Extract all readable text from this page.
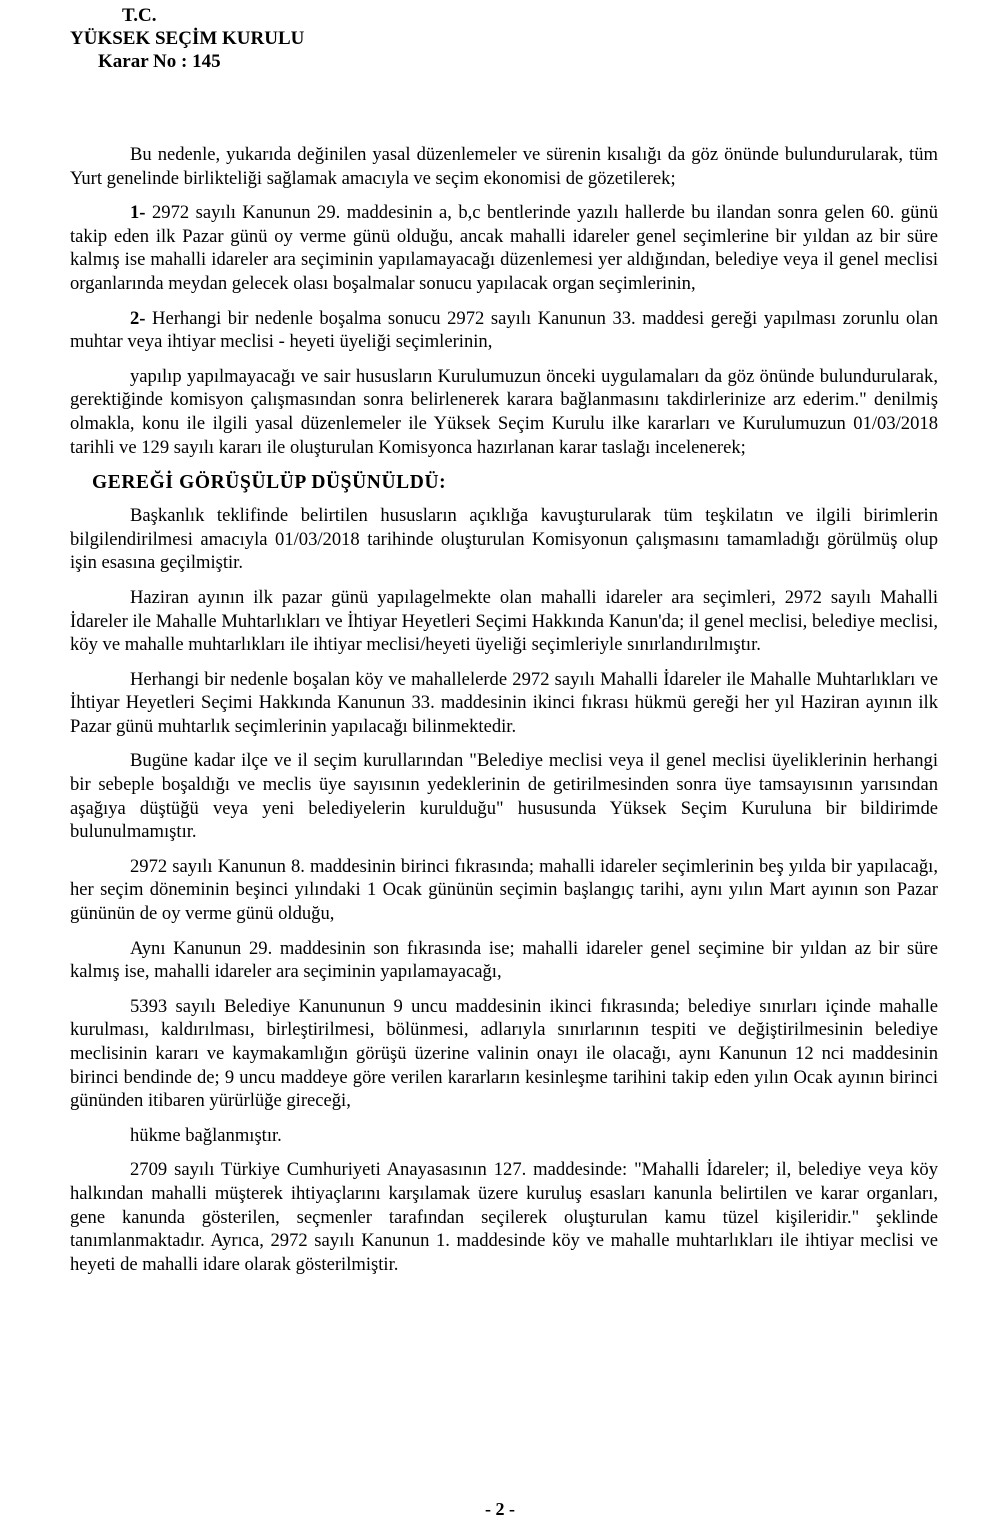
T.C.
YÜKSEK SEÇİM KURULU
Karar No : 145

Bu nedenle, yukarıda değinilen yasal düzenlemeler ve sürenin kısalığı da göz önünde bulundurularak, tüm Yurt genelinde birlikteliği sağlamak amacıyla ve seçim ekonomisi de gözetilerek;

1- 2972 sayılı Kanunun 29. maddesinin a, b,c bentlerinde yazılı hallerde bu ilandan sonra gelen 60. günü takip eden ilk Pazar günü oy verme günü olduğu, ancak mahalli idareler genel seçimlerine bir yıldan az bir süre kalmış ise mahalli idareler ara seçiminin yapılamayacağı düzenlemesi yer aldığından, belediye veya il genel meclisi organlarında meydan gelecek olası boşalmalar sonucu yapılacak organ seçimlerinin,

2- Herhangi bir nedenle boşalma sonucu 2972 sayılı Kanunun 33. maddesi gereği yapılması zorunlu olan muhtar veya ihtiyar meclisi - heyeti üyeliği seçimlerinin,

yapılıp yapılmayacağı ve sair hususların Kurulumuzun önceki uygulamaları da göz önünde bulundurularak, gerektiğinde komisyon çalışmasından sonra belirlenerek karara bağlanmasını takdirlerinize arz ederim." denilmiş olmakla, konu ile ilgili yasal düzenlemeler ile Yüksek Seçim Kurulu ilke kararları ve Kurulumuzun 01/03/2018 tarihli ve 129 sayılı kararı ile oluşturulan Komisyonca hazırlanan karar taslağı incelenerek;

GEREĞİ GÖRÜŞÜLÜP DÜŞÜNÜLDÜ:

Başkanlık teklifinde belirtilen hususların açıklığa kavuşturularak tüm teşkilatın ve ilgili birimlerin bilgilendirilmesi amacıyla 01/03/2018 tarihinde oluşturulan Komisyonun çalışmasını tamamladığı görülmüş olup işin esasına geçilmiştir.

Haziran ayının ilk pazar günü yapılagelmekte olan mahalli idareler ara seçimleri, 2972 sayılı Mahalli İdareler ile Mahalle Muhtarlıkları ve İhtiyar Heyetleri Seçimi Hakkında Kanun'da; il genel meclisi, belediye meclisi, köy ve mahalle muhtarlıkları ile ihtiyar meclisi/heyeti üyeliği seçimleriyle sınırlandırılmıştır.

Herhangi bir nedenle boşalan köy ve mahallelerde 2972 sayılı Mahalli İdareler ile Mahalle Muhtarlıkları ve İhtiyar Heyetleri Seçimi Hakkında Kanunun 33. maddesinin ikinci fıkrası hükmü gereği her yıl Haziran ayının ilk Pazar günü muhtarlık seçimlerinin yapılacağı bilinmektedir.

Bugüne kadar ilçe ve il seçim kurullarından "Belediye meclisi veya il genel meclisi üyeliklerinin herhangi bir sebeple boşaldığı ve meclis üye sayısının yedeklerinin de getirilmesinden sonra üye tamsayısının yarısından aşağıya düştüğü veya yeni belediyelerin kurulduğu" hususunda Yüksek Seçim Kuruluna bir bildirimde bulunulmamıştır.

2972 sayılı Kanunun 8. maddesinin birinci fıkrasında; mahalli idareler seçimlerinin beş yılda bir yapılacağı, her seçim döneminin beşinci yılındaki 1 Ocak gününün seçimin başlangıç tarihi, aynı yılın Mart ayının son Pazar gününün de oy verme günü olduğu,

Aynı Kanunun 29. maddesinin son fıkrasında ise; mahalli idareler genel seçimine bir yıldan az bir süre kalmış ise, mahalli idareler ara seçiminin yapılamayacağı,

5393 sayılı Belediye Kanununun 9 uncu maddesinin ikinci fıkrasında; belediye sınırları içinde mahalle kurulması, kaldırılması, birleştirilmesi, bölünmesi, adlarıyla sınırlarının tespiti ve değiştirilmesinin belediye meclisinin kararı ve kaymakamlığın görüşü üzerine valinin onayı ile olacağı, aynı Kanunun 12 nci maddesinin birinci bendinde de; 9 uncu maddeye göre verilen kararların kesinleşme tarihini takip eden yılın Ocak ayının birinci gününden itibaren yürürlüğe gireceği,

hükme bağlanmıştır.

2709 sayılı Türkiye Cumhuriyeti Anayasasının 127. maddesinde: "Mahalli İdareler; il, belediye veya köy halkından mahalli müşterek ihtiyaçlarını karşılamak üzere kuruluş esasları kanunla belirtilen ve karar organları, gene kanunda gösterilen, seçmenler tarafından seçilerek oluşturulan kamu tüzel kişileridir." şeklinde tanımlanmaktadır. Ayrıca, 2972 sayılı Kanunun 1. maddesinde köy ve mahalle muhtarlıkları ile ihtiyar meclisi ve heyeti de mahalli idare olarak gösterilmiştir.

- 2 -
